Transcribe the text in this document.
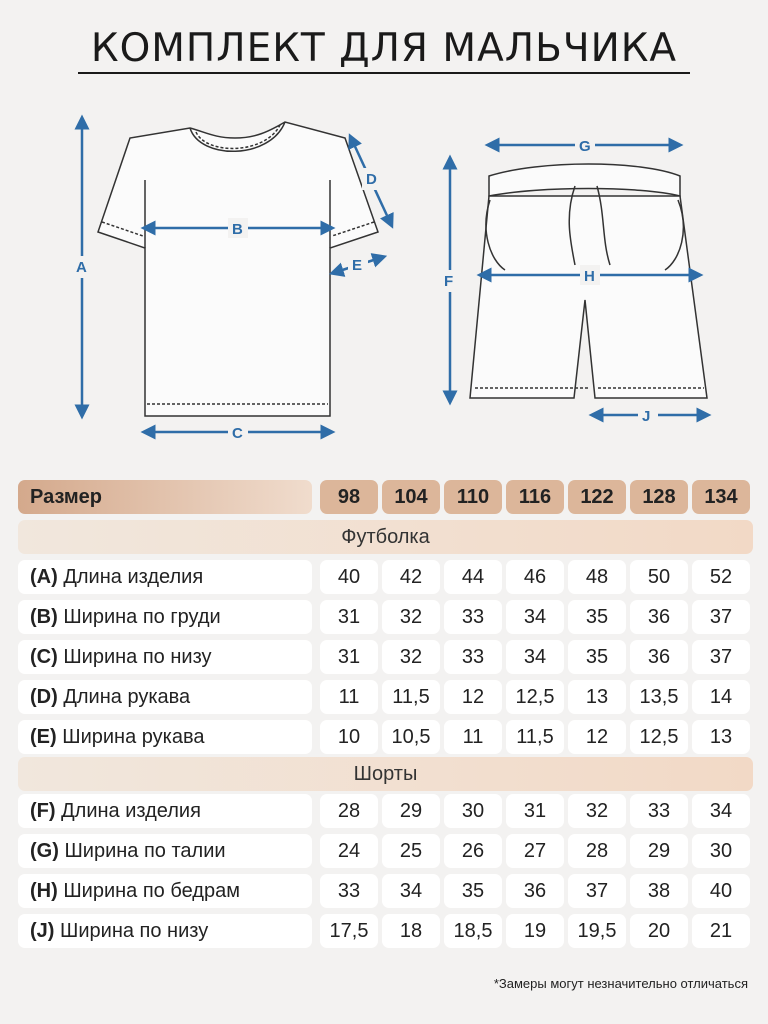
КОМПЛЕКТ ДЛЯ МАЛЬЧИКА
A
B
C
D
E
F
G
H
J
Размер	98	104	110	116	122	128	134
Футболка
(A) Длина изделия	40	42	44	46	48	50	52
(B) Ширина по груди	31	32	33	34	35	36	37
(C) Ширина по низу	31	32	33	34	35	36	37
(D) Длина рукава	11	11,5	12	12,5	13	13,5	14
(E) Ширина рукава	10	10,5	11	11,5	12	12,5	13
Шорты
(F) Длина изделия	28	29	30	31	32	33	34
(G) Ширина по талии	24	25	26	27	28	29	30
(H) Ширина по бедрам	33	34	35	36	37	38	40
(J) Ширина по низу	17,5	18	18,5	19	19,5	20	21
*Замеры могут незначительно отличаться
